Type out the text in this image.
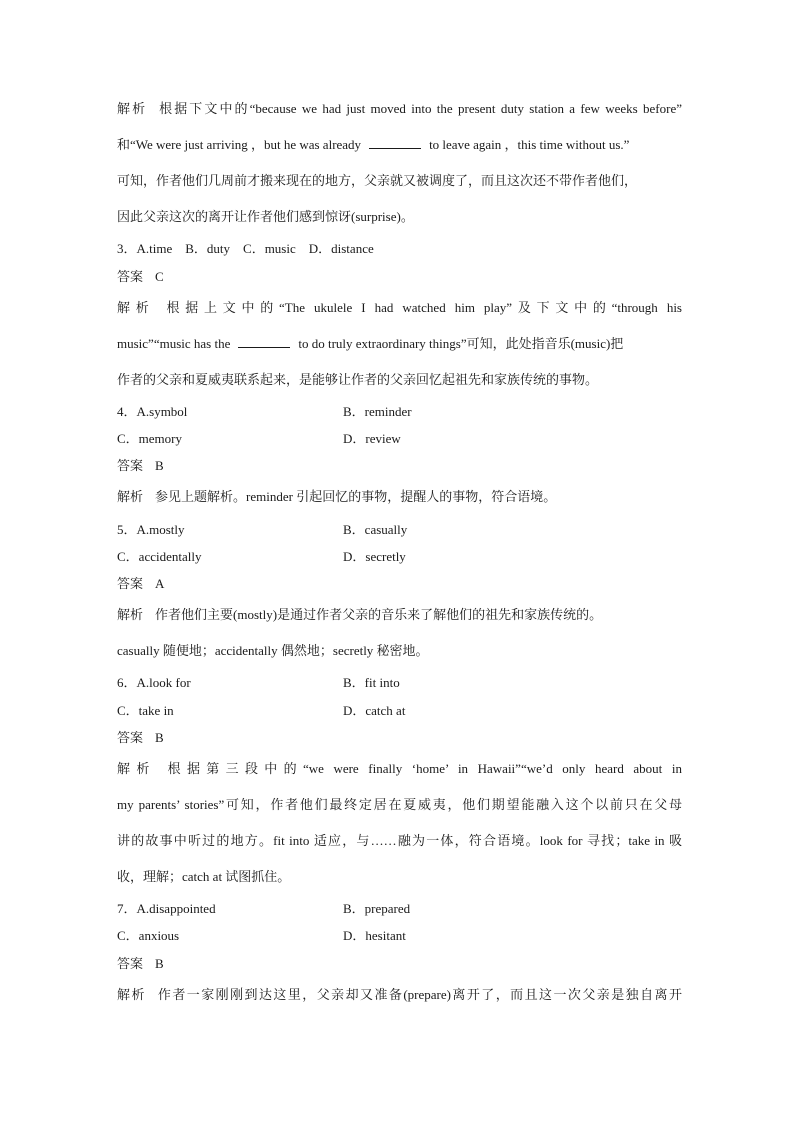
解析 根据下文中的“because we had just moved into the present duty station a few weeks before”
和“We were just arriving ，but he was already	to leave again ，this time without us.”
可知，作者他们几周前才搬来现在的地方，父亲就又被调度了，而且这次还不带作者他们，
因此父亲这次的离开让作者他们感到惊讶(surprise)。
3．A.time　B．duty　C．music　D．distance
答案 C
解析 根据上文中的“The ukulele I had watched him play”及下文中的“through his
music”“music has the	to do truly extraordinary things”可知，此处指音乐(music)把
作者的父亲和夏威夷联系起来，是能够让作者的父亲回忆起祖先和家族传统的事物。
4．A.symbol	B．reminder
C．memory	D．review
答案 B
解析 参见上题解析。reminder 引起回忆的事物，提醒人的事物，符合语境。
5．A.mostly	B．casually
C．accidentally	D．secretly
答案 A
解析 作者他们主要(mostly)是通过作者父亲的音乐来了解他们的祖先和家族传统的。
casually 随便地；accidentally 偶然地；secretly 秘密地。
6．A.look for	B．fit into
C．take in	D．catch at
答案 B
解析 根据第三段中的“we were finally ‘home’ in Hawaii”“we’d only heard about in
my parents’ stories”可知，作者他们最终定居在夏威夷，他们期望能融入这个以前只在父母
讲的故事中听过的地方。fit into 适应，与……融为一体，符合语境。look for 寻找；take in 吸
收，理解；catch at 试图抓住。
7．A.disappointed	B．prepared
C．anxious	D．hesitant
答案 B
解析 作者一家刚刚到达这里，父亲却又准备(prepare)离开了，而且这一次父亲是独自离开
